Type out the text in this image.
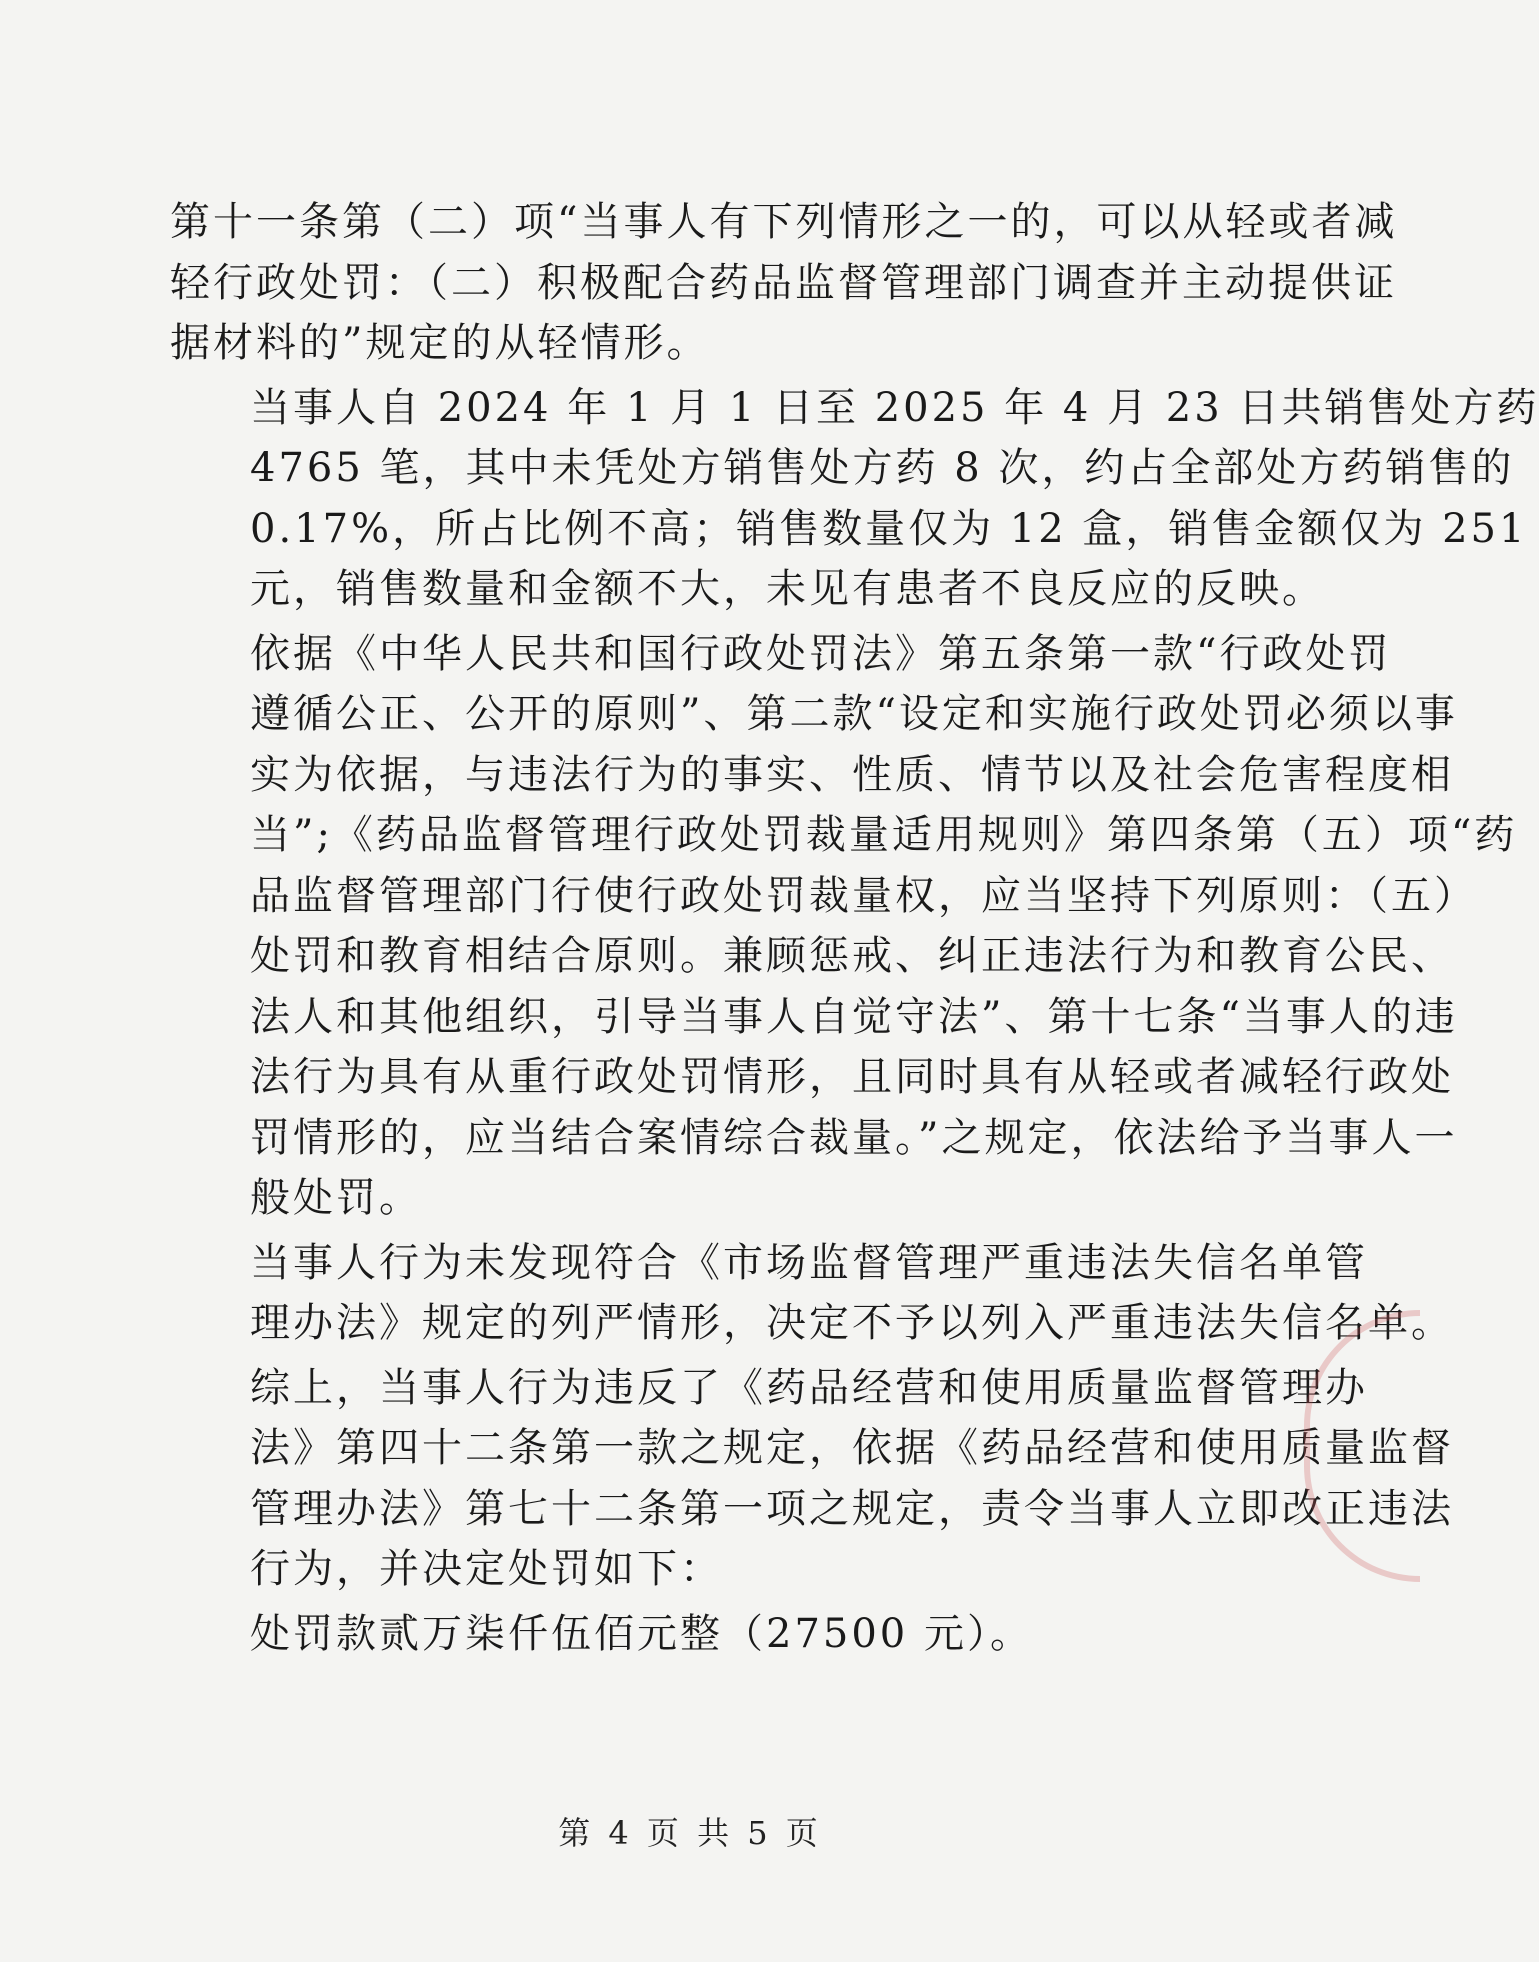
第十一条第（二）项“当事人有下列情形之一的，可以从轻或者减
轻行政处罚：（二）积极配合药品监督管理部门调查并主动提供证
据材料的”规定的从轻情形。

当事人自 2024 年 1 月 1 日至 2025 年 4 月 23 日共销售处方药
4765 笔，其中未凭处方销售处方药 8 次，约占全部处方药销售的
0.17%，所占比例不高；销售数量仅为 12 盒，销售金额仅为 251
元，销售数量和金额不大，未见有患者不良反应的反映。

依据《中华人民共和国行政处罚法》第五条第一款“行政处罚
遵循公正、公开的原则”、第二款“设定和实施行政处罚必须以事
实为依据，与违法行为的事实、性质、情节以及社会危害程度相
当”;《药品监督管理行政处罚裁量适用规则》第四条第（五）项“药
品监督管理部门行使行政处罚裁量权，应当坚持下列原则：（五）
处罚和教育相结合原则。兼顾惩戒、纠正违法行为和教育公民、
法人和其他组织，引导当事人自觉守法”、第十七条“当事人的违
法行为具有从重行政处罚情形，且同时具有从轻或者减轻行政处
罚情形的，应当结合案情综合裁量。”之规定，依法给予当事人一
般处罚。

当事人行为未发现符合《市场监督管理严重违法失信名单管
理办法》规定的列严情形，决定不予以列入严重违法失信名单。

综上，当事人行为违反了《药品经营和使用质量监督管理办
法》第四十二条第一款之规定，依据《药品经营和使用质量监督
管理办法》第七十二条第一项之规定，责令当事人立即改正违法
行为，并决定处罚如下：

处罚款贰万柒仟伍佰元整（27500 元）。

第 4 页 共 5 页
